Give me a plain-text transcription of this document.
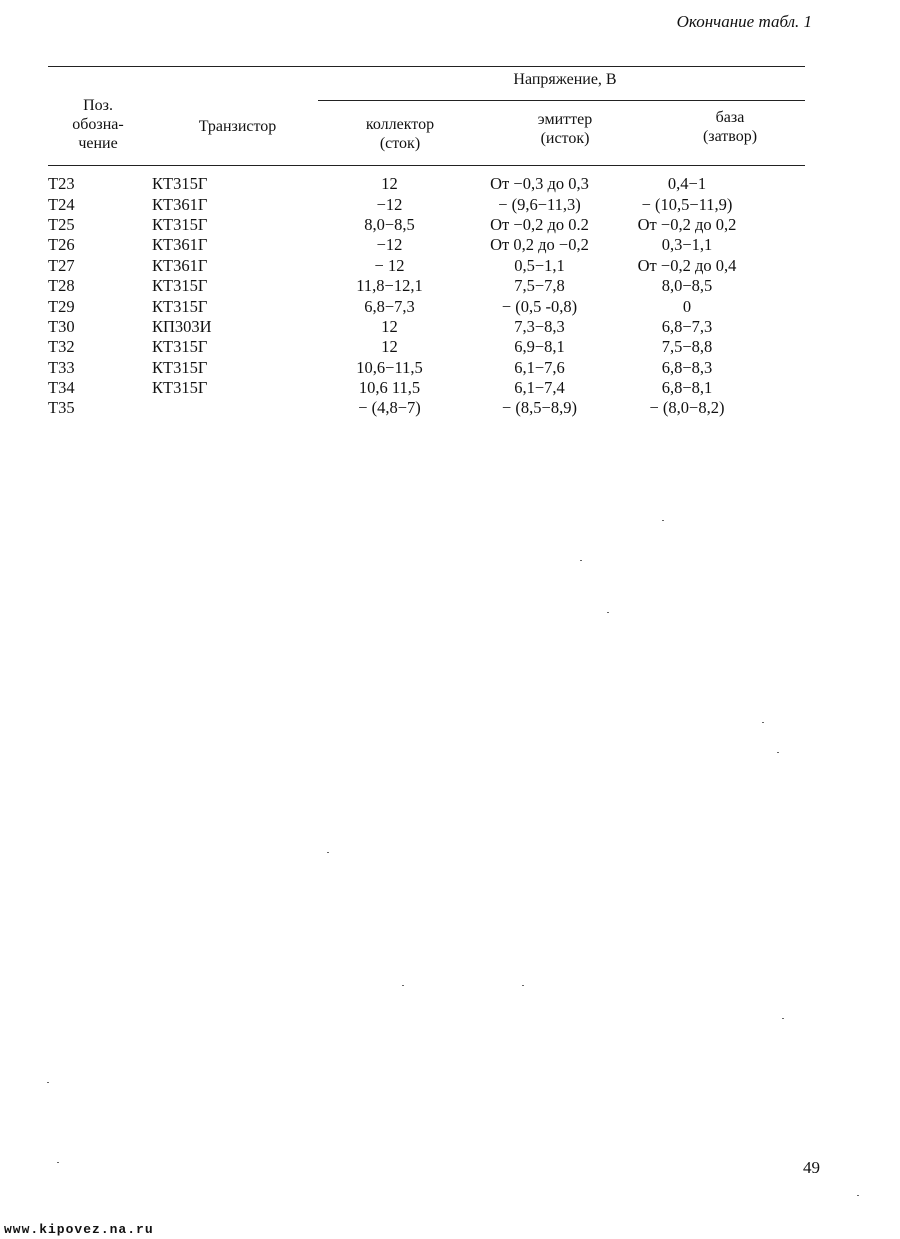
Окончание табл. 1
Поз.
обозна-
чение
Транзистор
Напряжение, В
коллектор
(сток)
эмиттер
(исток)
база
(затвор)
T23	КТ315Г	12	От −0,3 до 0,3	0,4−1
T24	КТ361Г	−12	− (9,6−11,3)	− (10,5−11,9)
T25	КТ315Г	8,0−8,5	От −0,2 до 0.2	От −0,2 до 0,2
T26	КТ361Г	−12	От 0,2 до −0,2	0,3−1,1
T27	КТ361Г	− 12	0,5−1,1	От −0,2 до 0,4
T28	КТ315Г	11,8−12,1	7,5−7,8	8,0−8,5
T29	КТ315Г	6,8−7,3	− (0,5 -0,8)	0
T30	КП303И	12	7,3−8,3	6,8−7,3
T32	КТ315Г	12	6,9−8,1	7,5−8,8
T33	КТ315Г	10,6−11,5	6,1−7,6	6,8−8,3
T34	КТ315Г	10,6 11,5	6,1−7,4	6,8−8,1
T35		− (4,8−7)	− (8,5−8,9)	− (8,0−8,2)
49
www.kipovez.na.ru
